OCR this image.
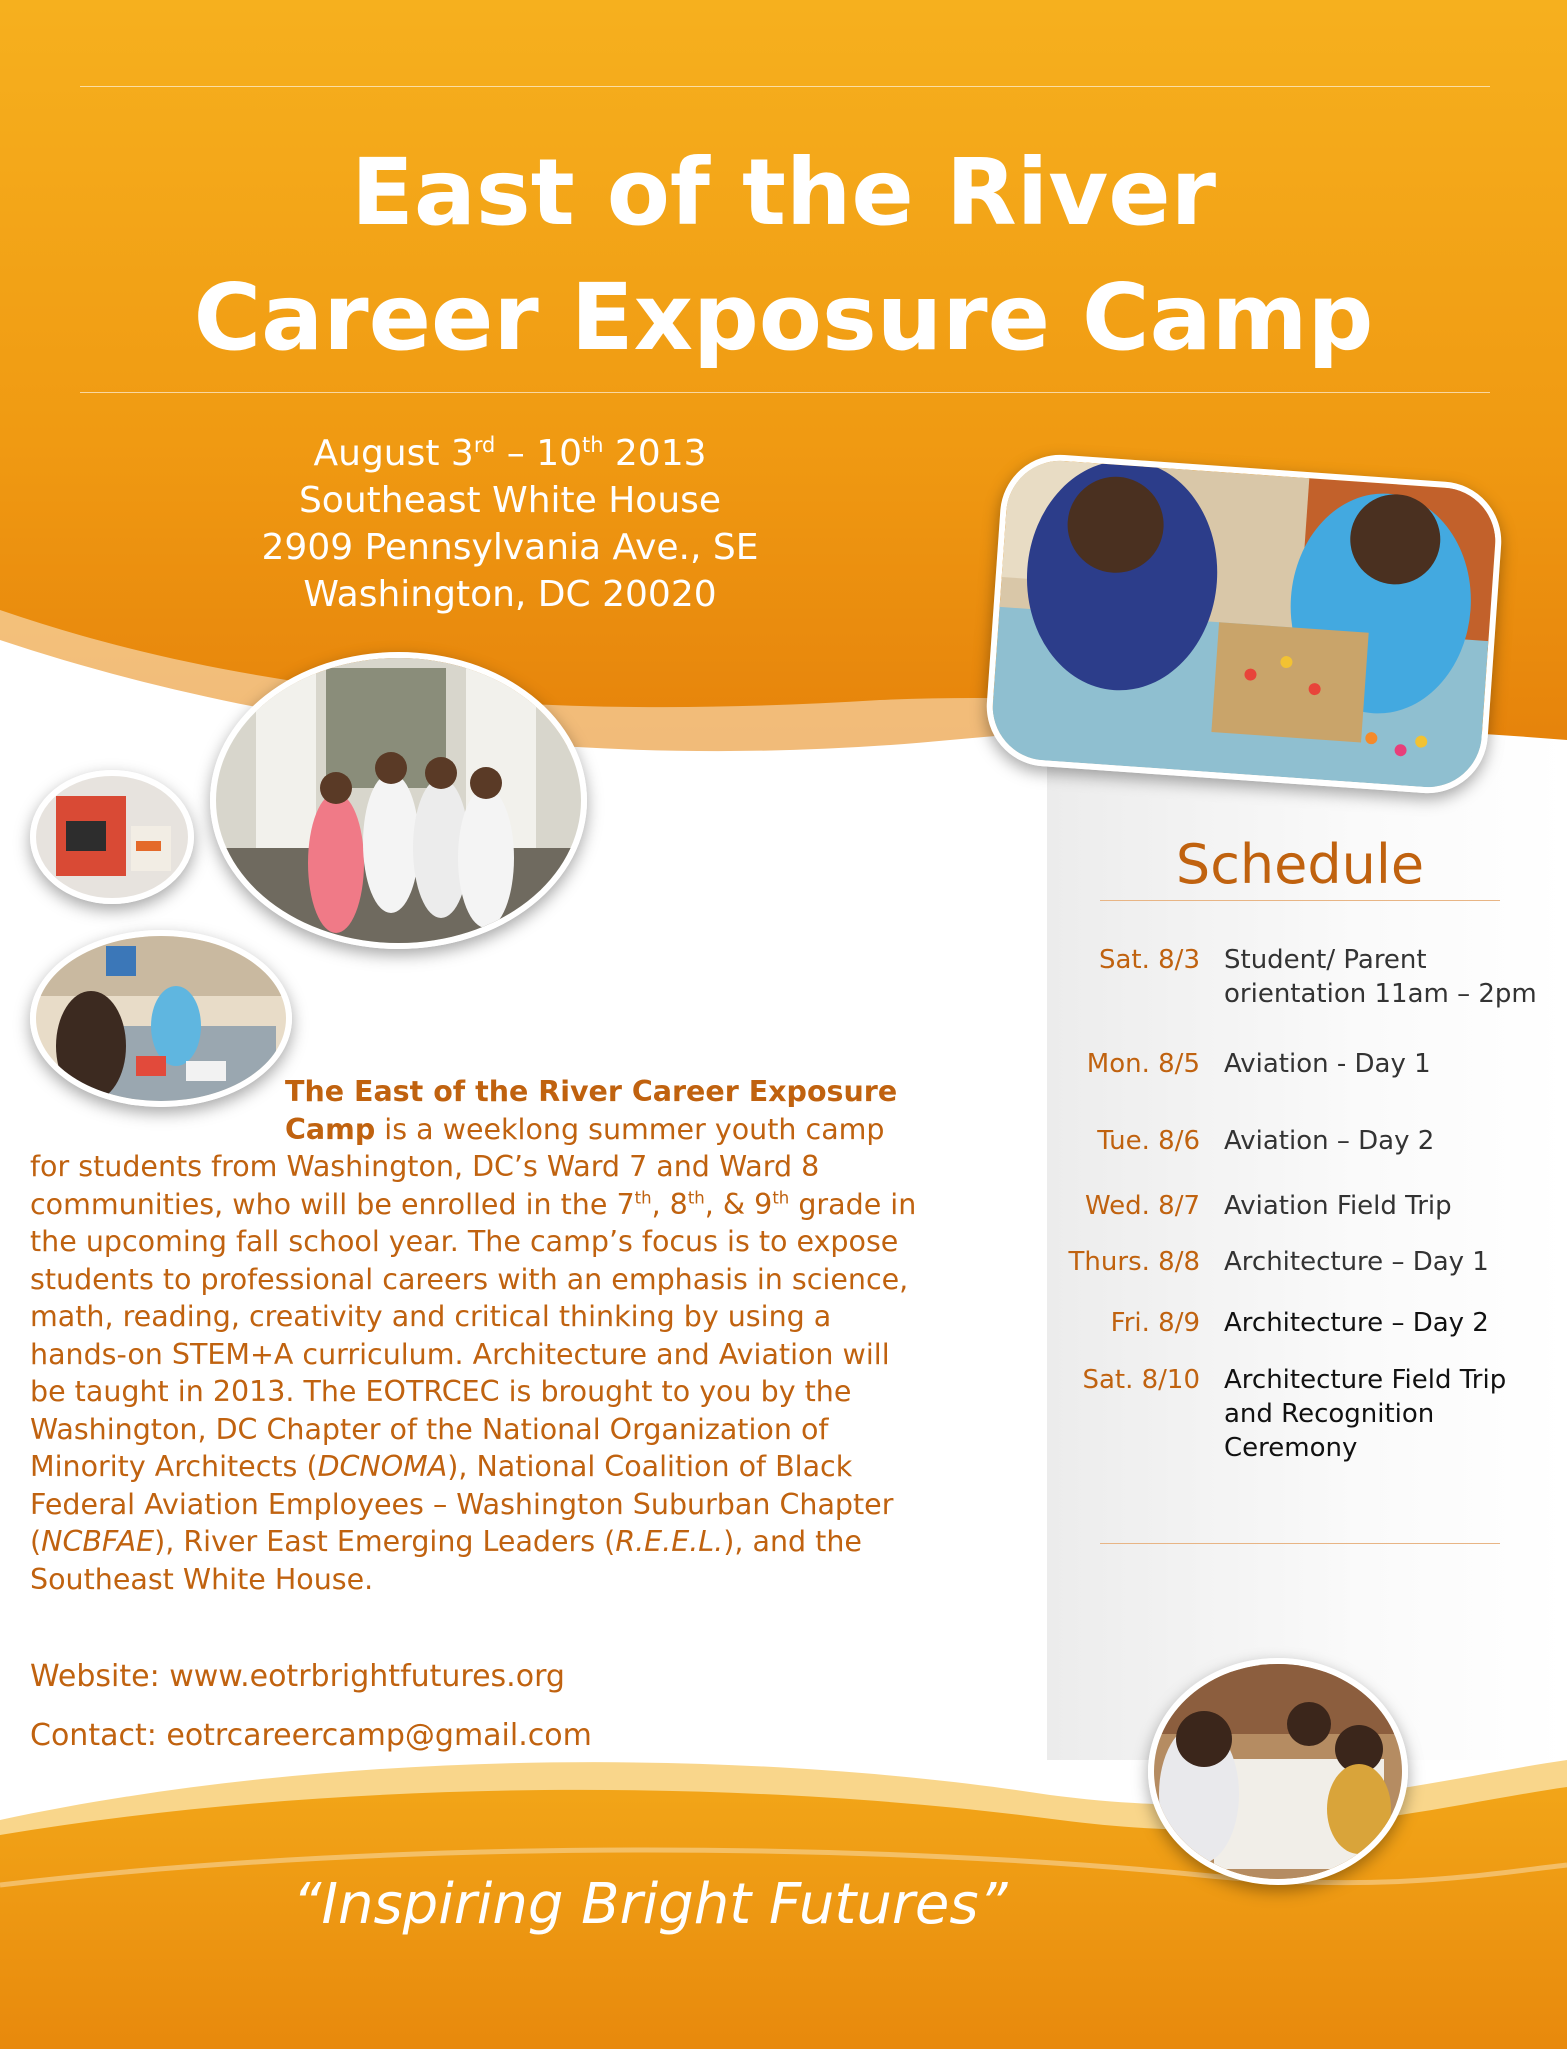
East of the River
Career Exposure Camp
August 3rd – 10th 2013
Southeast White House
2909 Pennsylvania Ave., SE
Washington, DC 20020
Schedule
Sat. 8/3 Student/ Parent orientation 11am – 2pm
Mon. 8/5 Aviation - Day 1
Tue. 8/6 Aviation – Day 2
Wed. 8/7 Aviation Field Trip
Thurs. 8/8 Architecture – Day 1
Fri. 8/9 Architecture – Day 2
Sat. 8/10 Architecture Field Trip and Recognition Ceremony
The East of the River Career Exposure
Camp is a weeklong summer youth camp
for students from Washington, DC’s Ward 7 and Ward 8
communities, who will be enrolled in the 7th, 8th, & 9th grade in
the upcoming fall school year. The camp’s focus is to expose
students to professional careers with an emphasis in science,
math, reading, creativity and critical thinking by using a
hands-on STEM+A curriculum. Architecture and Aviation will
be taught in 2013. The EOTRCEC is brought to you by the
Washington, DC Chapter of the National Organization of
Minority Architects (DCNOMA), National Coalition of Black
Federal Aviation Employees – Washington Suburban Chapter
(NCBFAE), River East Emerging Leaders (R.E.E.L.), and the
Southeast White House.
Website: www.eotrbrightfutures.org
Contact: eotrcareercamp@gmail.com
“Inspiring Bright Futures”
